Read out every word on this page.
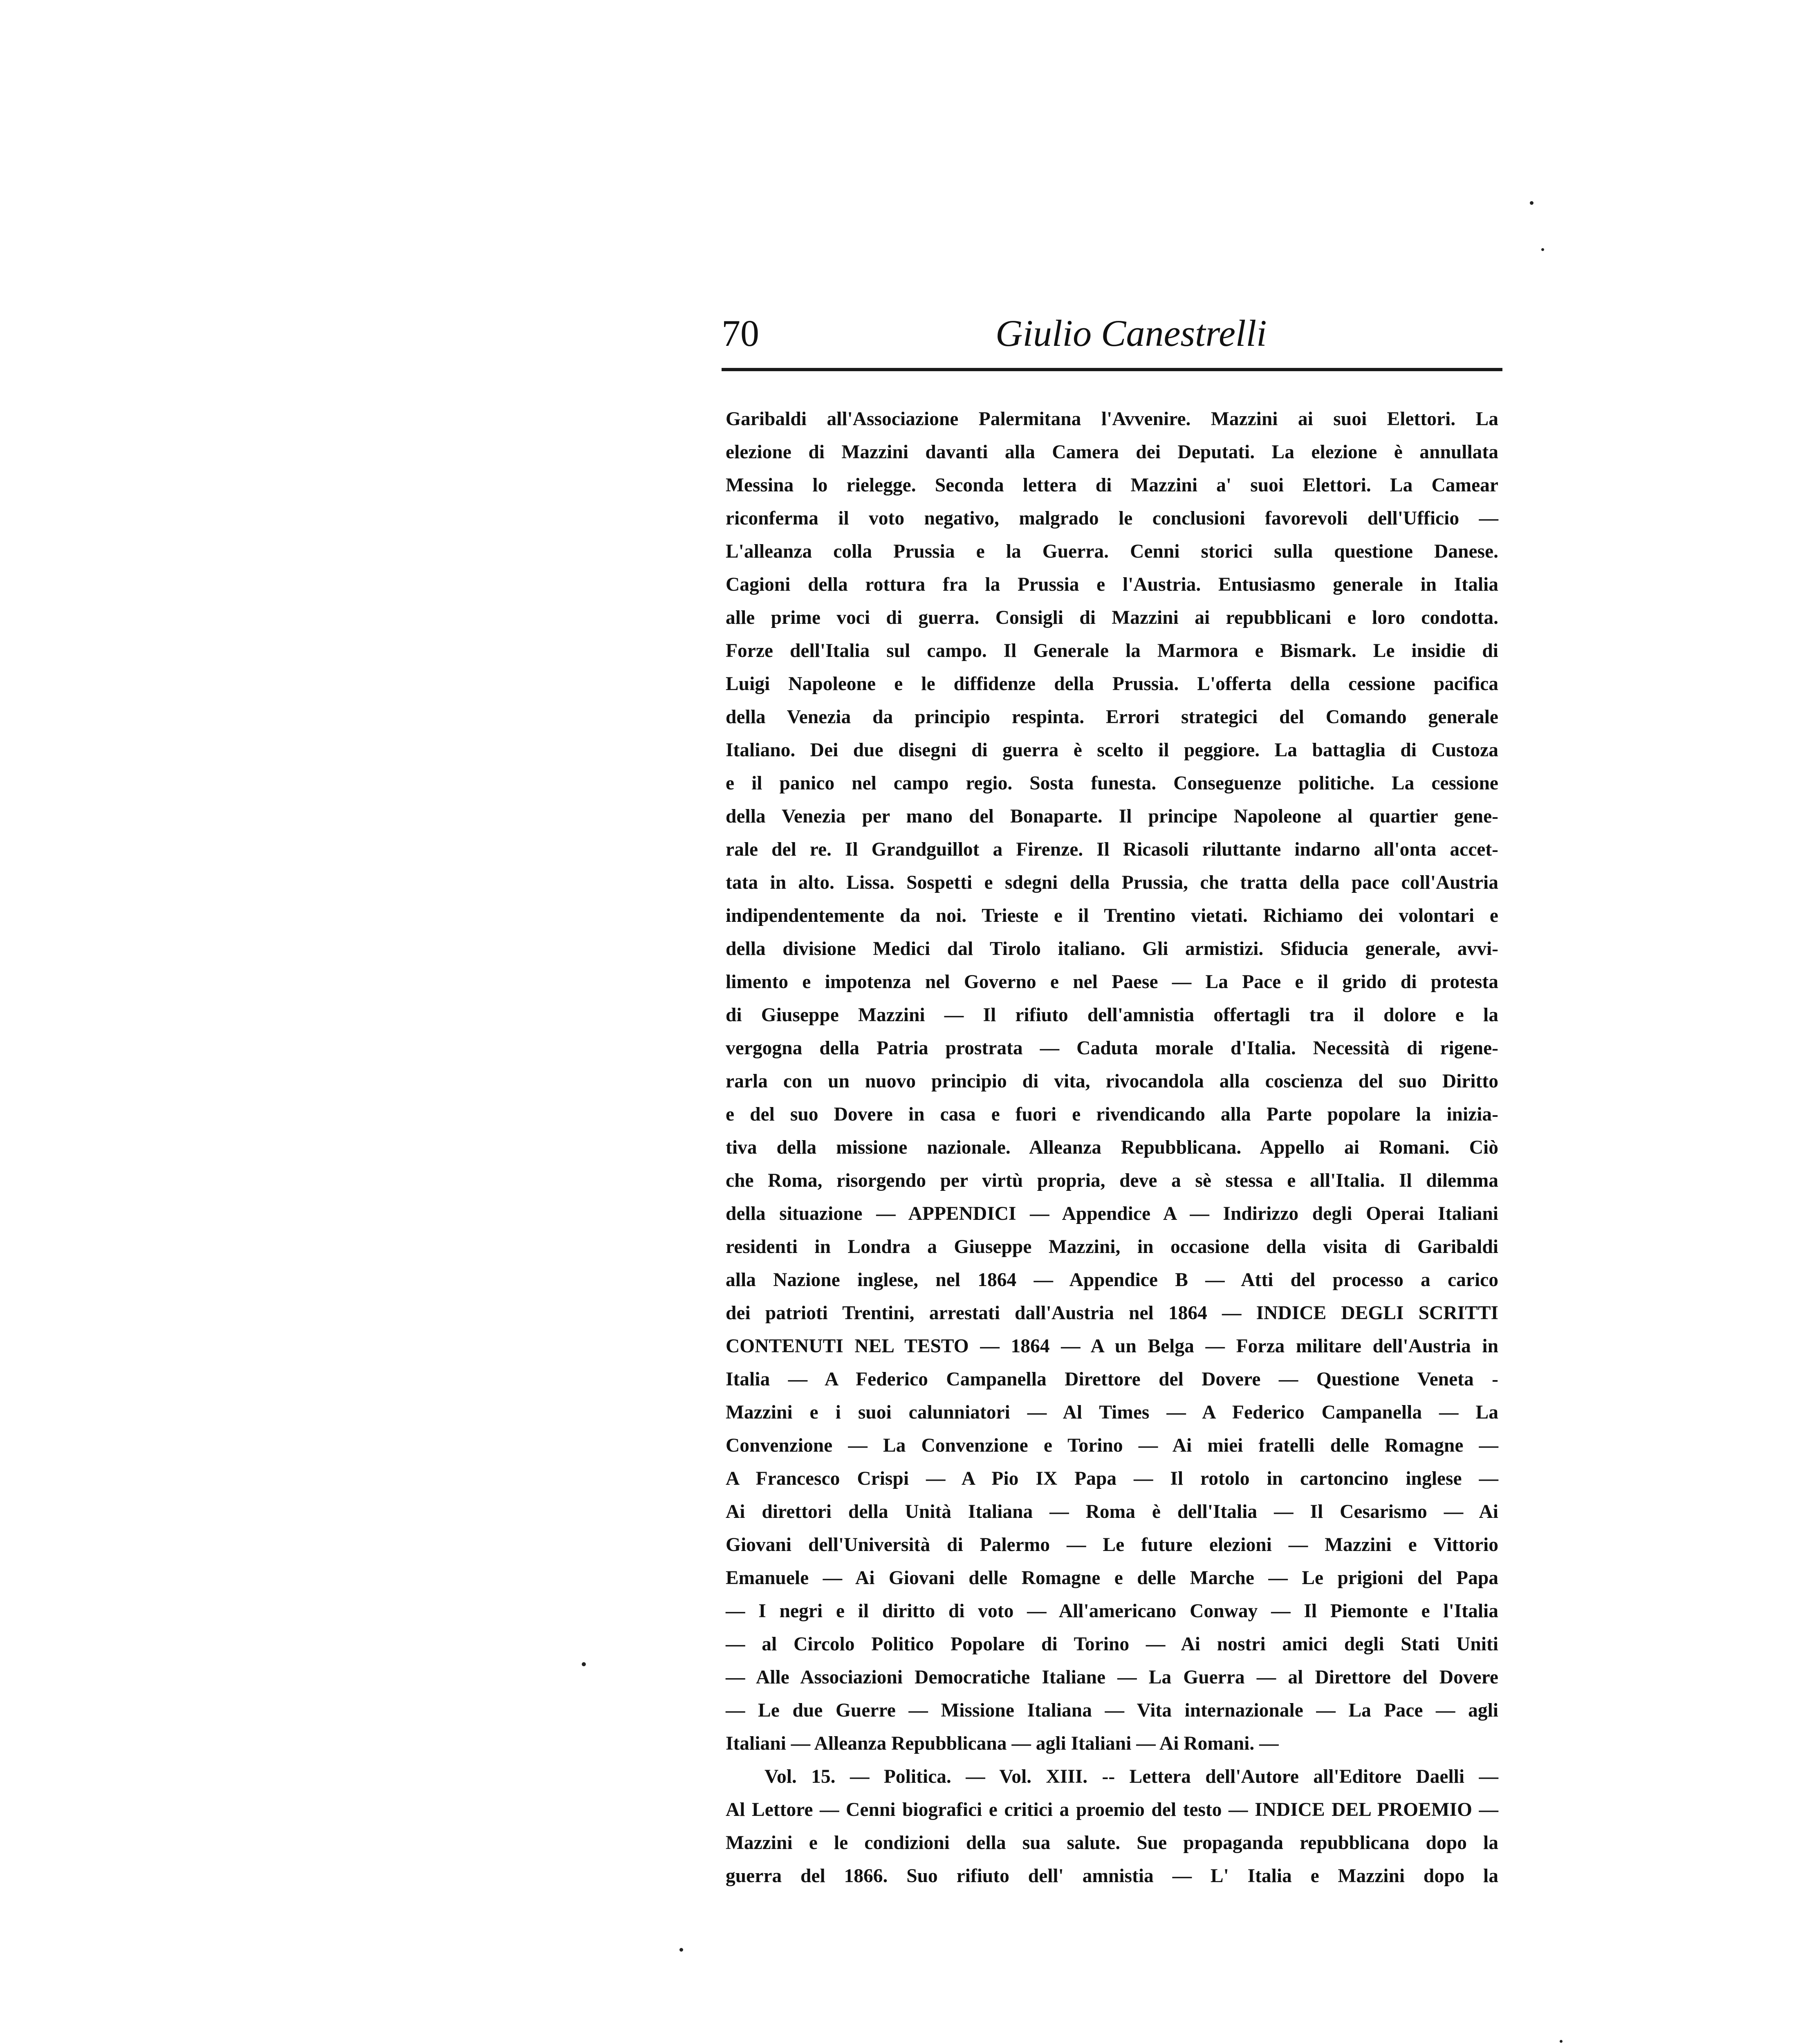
70	Giulio Canestrelli
Garibaldi all'Associazione Palermitana l'Avvenire. Mazzini ai suoi Elettori. La
elezione di Mazzini davanti alla Camera dei Deputati. La elezione è annullata
Messina lo rielegge. Seconda lettera di Mazzini a' suoi Elettori. La Camear
riconferma il voto negativo, malgrado le conclusioni favorevoli dell'Ufficio —
L'alleanza colla Prussia e la Guerra. Cenni storici sulla questione Danese.
Cagioni della rottura fra la Prussia e l'Austria. Entusiasmo generale in Italia
alle prime voci di guerra. Consigli di Mazzini ai repubblicani e loro condotta.
Forze dell'Italia sul campo. Il Generale la Marmora e Bismark. Le insidie di
Luigi Napoleone e le diffidenze della Prussia. L'offerta della cessione pacifica
della Venezia da principio respinta. Errori strategici del Comando generale
Italiano. Dei due disegni di guerra è scelto il peggiore. La battaglia di Custoza
e il panico nel campo regio. Sosta funesta. Conseguenze politiche. La cessione
della Venezia per mano del Bonaparte. Il principe Napoleone al quartier gene-
rale del re. Il Grandguillot a Firenze. Il Ricasoli riluttante indarno all'onta accet-
tata in alto. Lissa. Sospetti e sdegni della Prussia, che tratta della pace coll'Austria
indipendentemente da noi. Trieste e il Trentino vietati. Richiamo dei volontari e
della divisione Medici dal Tirolo italiano. Gli armistizi. Sfiducia generale, avvi-
limento e impotenza nel Governo e nel Paese — La Pace e il grido di protesta
di Giuseppe Mazzini — Il rifiuto dell'amnistia offertagli tra il dolore e la
vergogna della Patria prostrata — Caduta morale d'Italia. Necessità di rigene-
rarla con un nuovo principio di vita, rivocandola alla coscienza del suo Diritto
e del suo Dovere in casa e fuori e rivendicando alla Parte popolare la inizia-
tiva della missione nazionale. Alleanza Repubblicana. Appello ai Romani. Ciò
che Roma, risorgendo per virtù propria, deve a sè stessa e all'Italia. Il dilemma
della situazione — APPENDICI — Appendice A — Indirizzo degli Operai Italiani
residenti in Londra a Giuseppe Mazzini, in occasione della visita di Garibaldi
alla Nazione inglese, nel 1864 — Appendice B — Atti del processo a carico
dei patrioti Trentini, arrestati dall'Austria nel 1864 — INDICE DEGLI SCRITTI
CONTENUTI NEL TESTO — 1864 — A un Belga — Forza militare dell'Austria in
Italia — A Federico Campanella Direttore del Dovere — Questione Veneta -
Mazzini e i suoi calunniatori — Al Times — A Federico Campanella — La
Convenzione — La Convenzione e Torino — Ai miei fratelli delle Romagne —
A Francesco Crispi — A Pio IX Papa — Il rotolo in cartoncino inglese —
Ai direttori della Unità Italiana — Roma è dell'Italia — Il Cesarismo — Ai
Giovani dell'Università di Palermo — Le future elezioni — Mazzini e Vittorio
Emanuele — Ai Giovani delle Romagne e delle Marche — Le prigioni del Papa
— I negri e il diritto di voto — All'americano Conway — Il Piemonte e l'Italia
— al Circolo Politico Popolare di Torino — Ai nostri amici degli Stati Uniti
— Alle Associazioni Democratiche Italiane — La Guerra — al Direttore del Dovere
— Le due Guerre — Missione Italiana — Vita internazionale — La Pace — agli
Italiani — Alleanza Repubblicana — agli Italiani — Ai Romani. —
Vol. 15. — Politica. — Vol. XIII. -- Lettera dell'Autore all'Editore Daelli —
Al Lettore — Cenni biografici e critici a proemio del testo — INDICE DEL PROEMIO —
Mazzini e le condizioni della sua salute. Sue propaganda repubblicana dopo la
guerra del 1866. Suo rifiuto dell' amnistia — L' Italia e Mazzini dopo la
